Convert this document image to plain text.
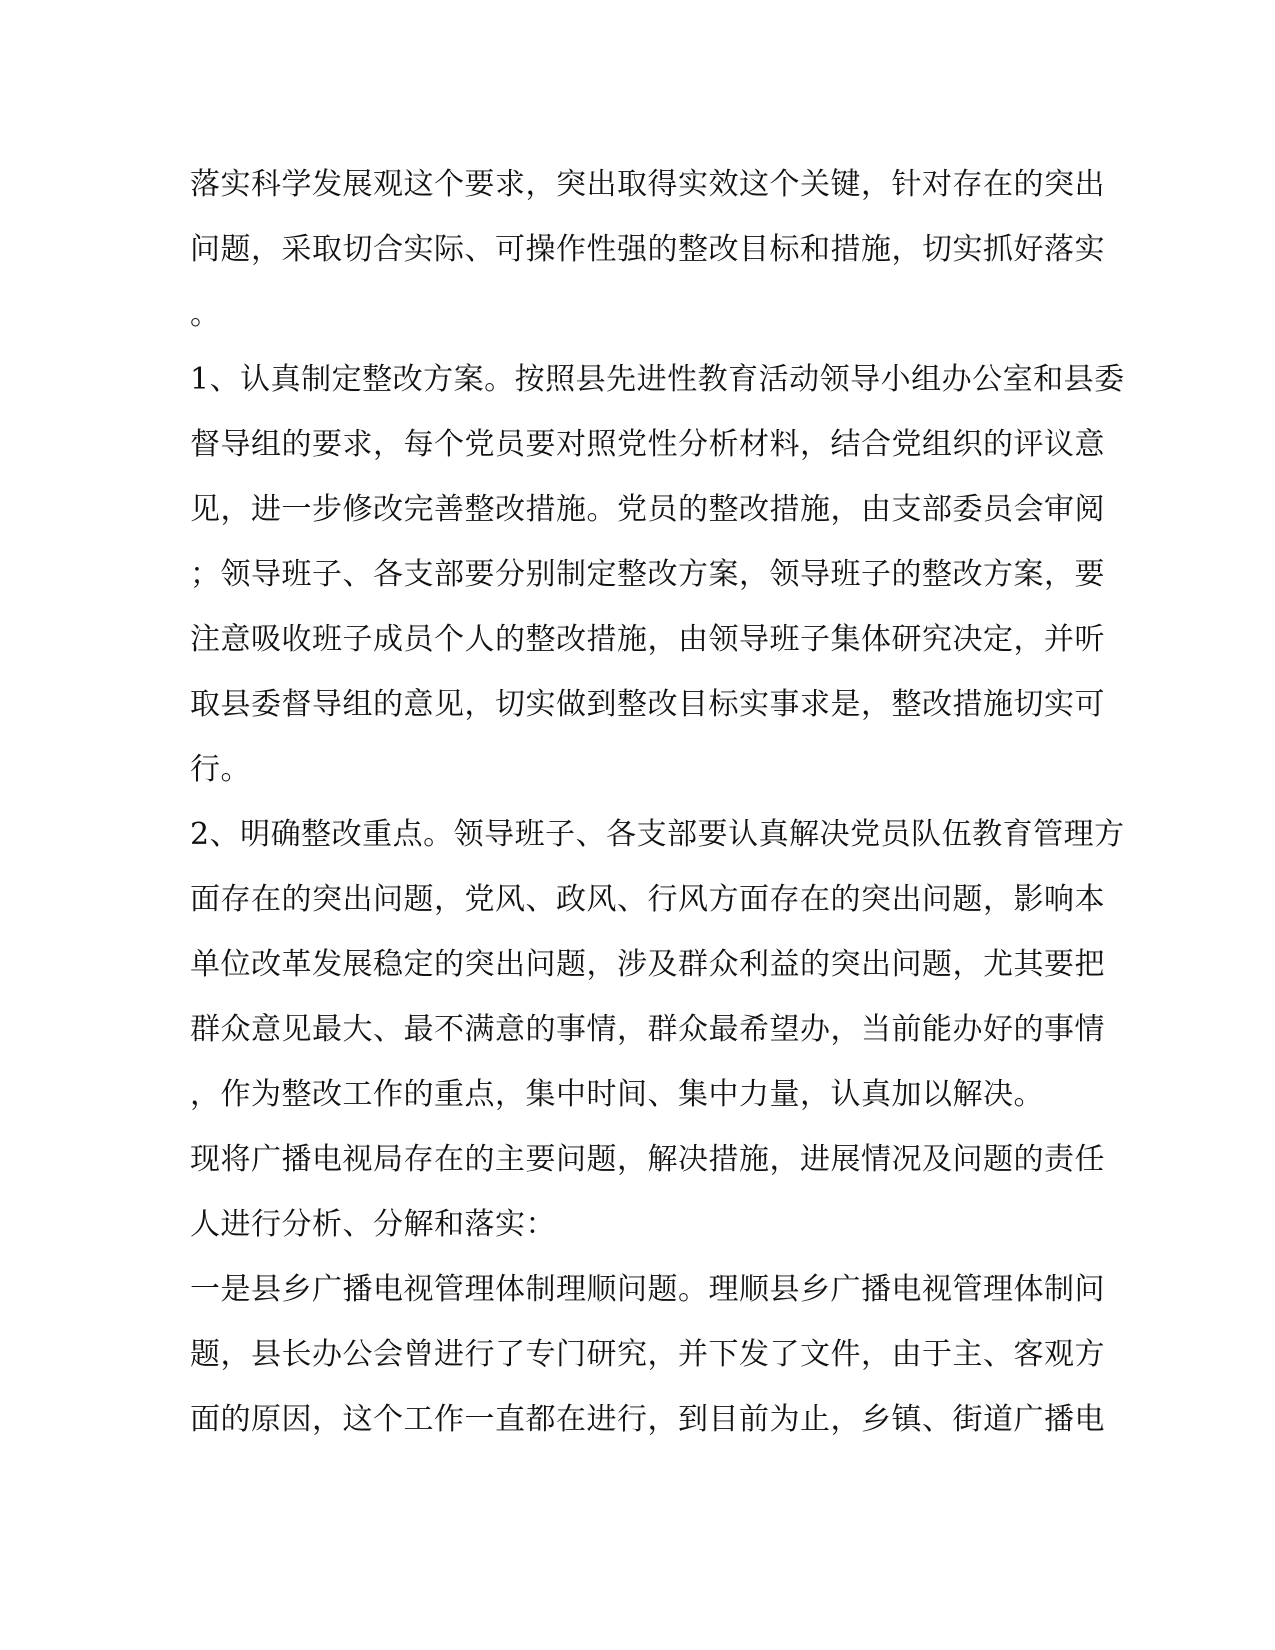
落实科学发展观这个要求，突出取得实效这个关键，针对存在的突出
问题，采取切合实际、可操作性强的整改目标和措施，切实抓好落实
。
1、认真制定整改方案。按照县先进性教育活动领导小组办公室和县委
督导组的要求，每个党员要对照党性分析材料，结合党组织的评议意
见，进一步修改完善整改措施。党员的整改措施，由支部委员会审阅
；领导班子、各支部要分别制定整改方案，领导班子的整改方案，要
注意吸收班子成员个人的整改措施，由领导班子集体研究决定，并听
取县委督导组的意见，切实做到整改目标实事求是，整改措施切实可
行。
2、明确整改重点。领导班子、各支部要认真解决党员队伍教育管理方
面存在的突出问题，党风、政风、行风方面存在的突出问题，影响本
单位改革发展稳定的突出问题，涉及群众利益的突出问题，尤其要把
群众意见最大、最不满意的事情，群众最希望办，当前能办好的事情
，作为整改工作的重点，集中时间、集中力量，认真加以解决。
现将广播电视局存在的主要问题，解决措施，进展情况及问题的责任
人进行分析、分解和落实：
一是县乡广播电视管理体制理顺问题。理顺县乡广播电视管理体制问
题，县长办公会曾进行了专门研究，并下发了文件，由于主、客观方
面的原因，这个工作一直都在进行，到目前为止，乡镇、街道广播电
